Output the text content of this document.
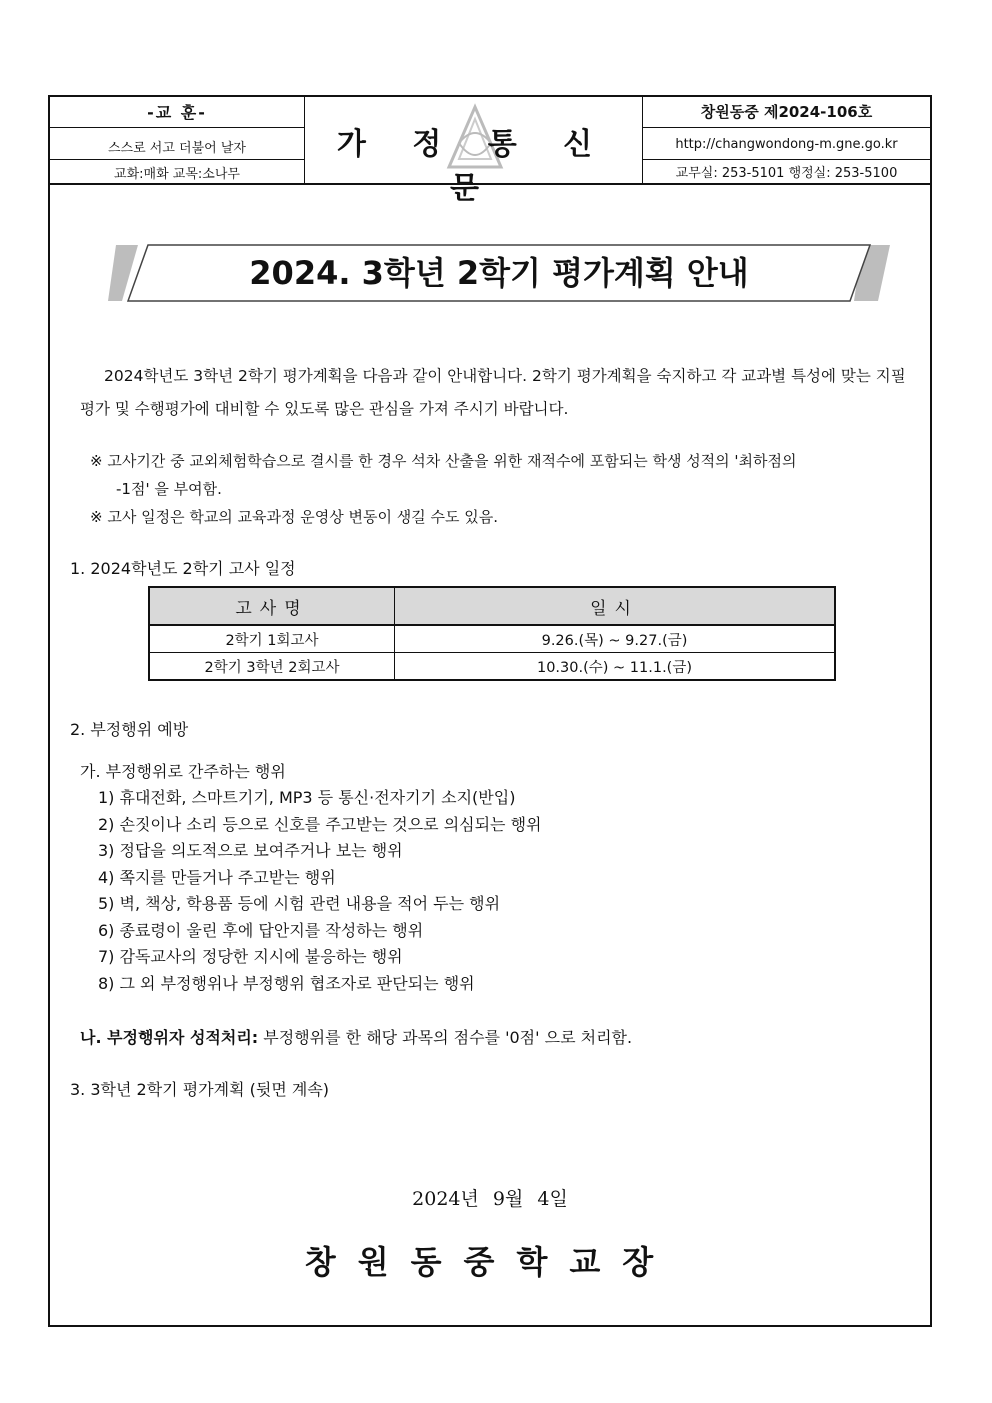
-교 훈-
스스로 서고 더불어 날자
교화:매화 교목:소나무
가 정 통 신 문
창원동중 제2024-106호
http://changwondong-m.gne.go.kr
교무실: 253-5101 행정실: 253-5100
2024. 3학년 2학기 평가계획 안내
2024학년도 3학년 2학기 평가계획을 다음과 같이 안내합니다. 2학기 평가계획을 숙지하고 각 교과별 특성에 맞는 지필평가 및 수행평가에 대비할 수 있도록 많은 관심을 가져 주시기 바랍니다.
※ 고사기간 중 교외체험학습으로 결시를 한 경우 석차 산출을 위한 재적수에 포함되는 학생 성적의 '최하점의
-1점' 을 부여함.
※ 고사 일정은 학교의 교육과정 운영상 변동이 생길 수도 있음.
1. 2024학년도 2학기 고사 일정
고사명	일시
2학기 1회고사	9.26.(목) ~ 9.27.(금)
2학기 3학년 2회고사	10.30.(수) ~ 11.1.(금)
2. 부정행위 예방
가. 부정행위로 간주하는 행위
1) 휴대전화, 스마트기기, MP3 등 통신·전자기기 소지(반입)
2) 손짓이나 소리 등으로 신호를 주고받는 것으로 의심되는 행위
3) 정답을 의도적으로 보여주거나 보는 행위
4) 쪽지를 만들거나 주고받는 행위
5) 벽, 책상, 학용품 등에 시험 관련 내용을 적어 두는 행위
6) 종료령이 울린 후에 답안지를 작성하는 행위
7) 감독교사의 정당한 지시에 불응하는 행위
8) 그 외 부정행위나 부정행위 협조자로 판단되는 행위
나. 부정행위자 성적처리: 부정행위를 한 해당 과목의 점수를 '0점' 으로 처리함.
3. 3학년 2학기 평가계획 (뒷면 계속)
2024년 9월 4일
창원동중학교장
